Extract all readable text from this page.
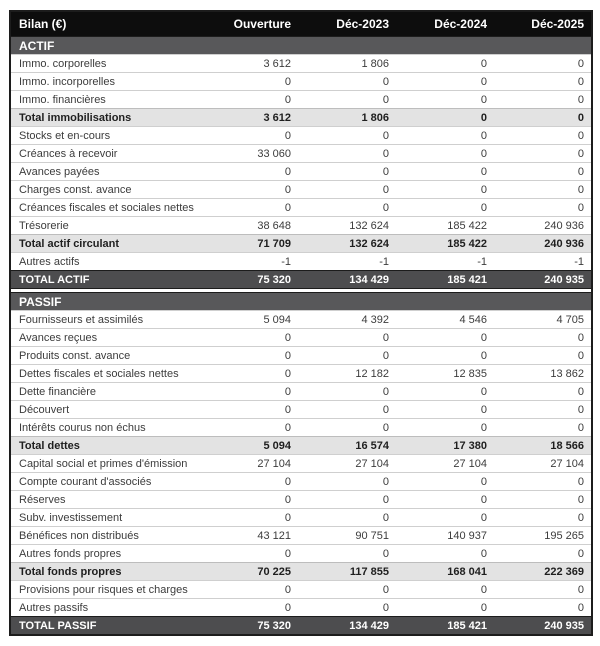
Bilan (€)	Ouverture	Déc-2023	Déc-2024	Déc-2025
ACTIF				
Immo. corporelles	3 612	1 806	0	0
Immo. incorporelles	0	0	0	0
Immo. financières	0	0	0	0
Total immobilisations	3 612	1 806	0	0
Stocks et en-cours	0	0	0	0
Créances à recevoir	33 060	0	0	0
Avances payées	0	0	0	0
Charges const. avance	0	0	0	0
Créances fiscales et sociales nettes	0	0	0	0
Trésorerie	38 648	132 624	185 422	240 936
Total actif circulant	71 709	132 624	185 422	240 936
Autres actifs	-1	-1	-1	-1
TOTAL ACTIF	75 320	134 429	185 421	240 935

PASSIF				
Fournisseurs et assimilés	5 094	4 392	4 546	4 705
Avances reçues	0	0	0	0
Produits const. avance	0	0	0	0
Dettes fiscales et sociales nettes	0	12 182	12 835	13 862
Dette financière	0	0	0	0
Découvert	0	0	0	0
Intérêts courus non échus	0	0	0	0
Total dettes	5 094	16 574	17 380	18 566
Capital social et primes d'émission	27 104	27 104	27 104	27 104
Compte courant d'associés	0	0	0	0
Réserves	0	0	0	0
Subv. investissement	0	0	0	0
Bénéfices non distribués	43 121	90 751	140 937	195 265
Autres fonds propres	0	0	0	0
Total fonds propres	70 225	117 855	168 041	222 369
Provisions pour risques et charges	0	0	0	0
Autres passifs	0	0	0	0
TOTAL PASSIF	75 320	134 429	185 421	240 935
